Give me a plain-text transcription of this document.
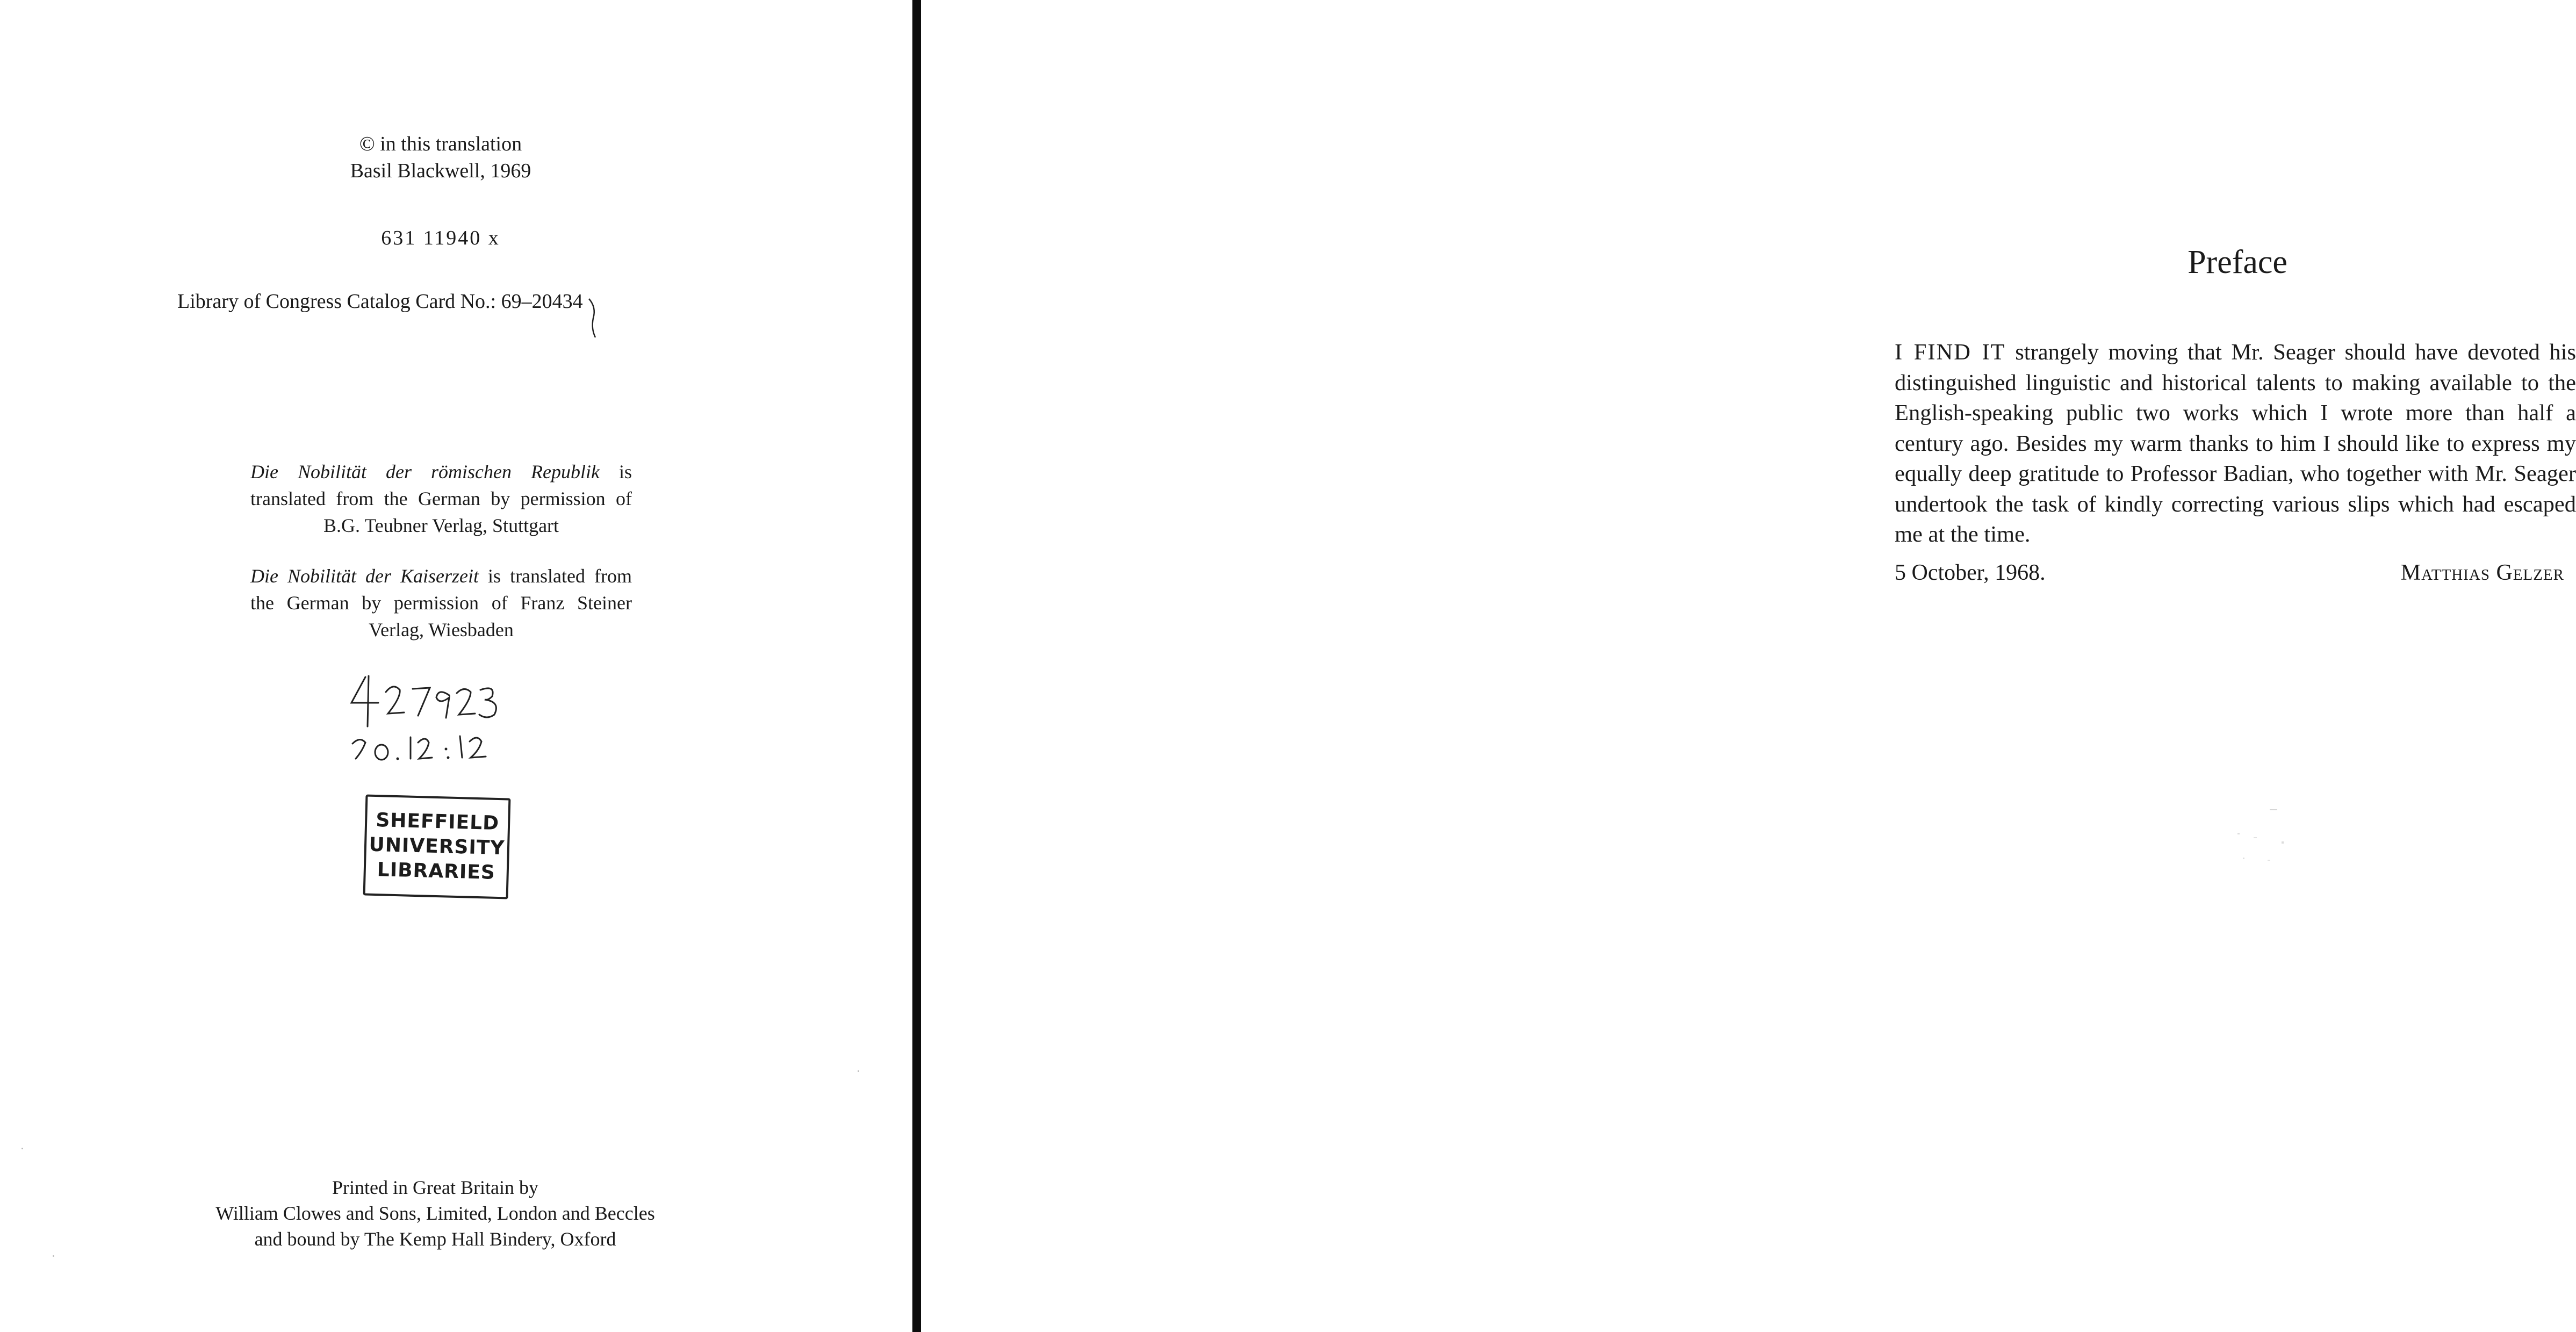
© in this translation
Basil Blackwell, 1969
631 11940 x
Library of Congress Catalog Card No.: 69–20434
Die Nobilität der römischen Republik is translated from the German by permission of B.G. Teubner Verlag, Stuttgart
Die Nobilität der Kaiserzeit is translated from the German by permission of Franz Steiner Verlag, Wiesbaden
SHEFFIELD
UNIVERSITY
LIBRARIES
Printed in Great Britain by
William Clowes and Sons, Limited, London and Beccles
and bound by The Kemp Hall Bindery, Oxford
Preface
I FIND IT strangely moving that Mr. Seager should have devoted his distinguished linguistic and historical talents to making available to the English-speaking public two works which I wrote more than half a century ago. Besides my warm thanks to him I should like to express my equally deep gratitude to Professor Badian, who together with Mr. Seager undertook the task of kindly correcting various slips which had escaped me at the time.
5 October, 1968.	Matthias Gelzer
